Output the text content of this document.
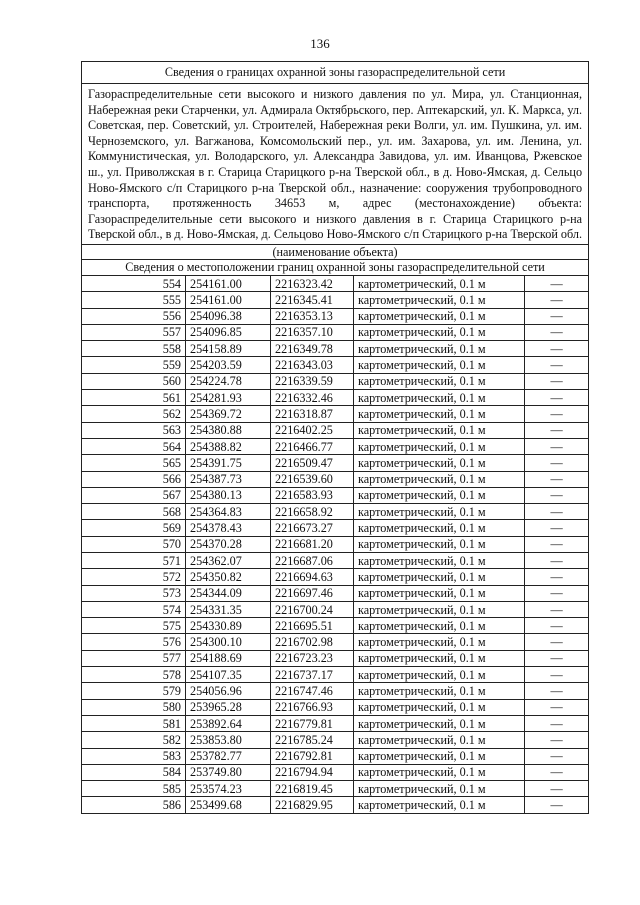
136
Сведения о границах охранной зоны газораспределительной сети				
Газораспределительные сети высокого и низкого давления по ул. Мира, ул. Станционная, Набережная реки Старченки, ул. Адмирала Октябрьского, пер. Аптекарский, ул. К. Маркса, ул. Советская, пер. Советский, ул. Строителей, Набережная реки Волги, ул. им. Пушкина, ул. им. Черноземского, ул. Вагжанова, Комсомольский пер., ул. им. Захарова, ул. им. Ленина, ул. Коммунистическая, ул. Володарского, ул. Александра Завидова, ул. им. Иванцова, Ржевское ш., ул. Приволжская в г. Старица Старицкого р-на Тверской обл., в д. Ново-Ямская, д. Сельцо Ново-Ямского с/п Старицкого р-на Тверской обл., назначение: сооружения трубопроводного транспорта, протяженность 34653 м, адрес (местонахождение) объекта: Газораспределительные сети высокого и низкого давления в г. Старица Старицкого р-на Тверской обл., в д. Ново-Ямская, д. Сельцово Ново-Ямского с/п Старицкого р-на Тверской обл.				
(наименование объекта)				
Сведения о местоположении границ охранной зоны газораспределительной сети				
554	254161.00	2216323.42	картометрический, 0.1 м	—
555	254161.00	2216345.41	картометрический, 0.1 м	—
556	254096.38	2216353.13	картометрический, 0.1 м	—
557	254096.85	2216357.10	картометрический, 0.1 м	—
558	254158.89	2216349.78	картометрический, 0.1 м	—
559	254203.59	2216343.03	картометрический, 0.1 м	—
560	254224.78	2216339.59	картометрический, 0.1 м	—
561	254281.93	2216332.46	картометрический, 0.1 м	—
562	254369.72	2216318.87	картометрический, 0.1 м	—
563	254380.88	2216402.25	картометрический, 0.1 м	—
564	254388.82	2216466.77	картометрический, 0.1 м	—
565	254391.75	2216509.47	картометрический, 0.1 м	—
566	254387.73	2216539.60	картометрический, 0.1 м	—
567	254380.13	2216583.93	картометрический, 0.1 м	—
568	254364.83	2216658.92	картометрический, 0.1 м	—
569	254378.43	2216673.27	картометрический, 0.1 м	—
570	254370.28	2216681.20	картометрический, 0.1 м	—
571	254362.07	2216687.06	картометрический, 0.1 м	—
572	254350.82	2216694.63	картометрический, 0.1 м	—
573	254344.09	2216697.46	картометрический, 0.1 м	—
574	254331.35	2216700.24	картометрический, 0.1 м	—
575	254330.89	2216695.51	картометрический, 0.1 м	—
576	254300.10	2216702.98	картометрический, 0.1 м	—
577	254188.69	2216723.23	картометрический, 0.1 м	—
578	254107.35	2216737.17	картометрический, 0.1 м	—
579	254056.96	2216747.46	картометрический, 0.1 м	—
580	253965.28	2216766.93	картометрический, 0.1 м	—
581	253892.64	2216779.81	картометрический, 0.1 м	—
582	253853.80	2216785.24	картометрический, 0.1 м	—
583	253782.77	2216792.81	картометрический, 0.1 м	—
584	253749.80	2216794.94	картометрический, 0.1 м	—
585	253574.23	2216819.45	картометрический, 0.1 м	—
586	253499.68	2216829.95	картометрический, 0.1 м	—
